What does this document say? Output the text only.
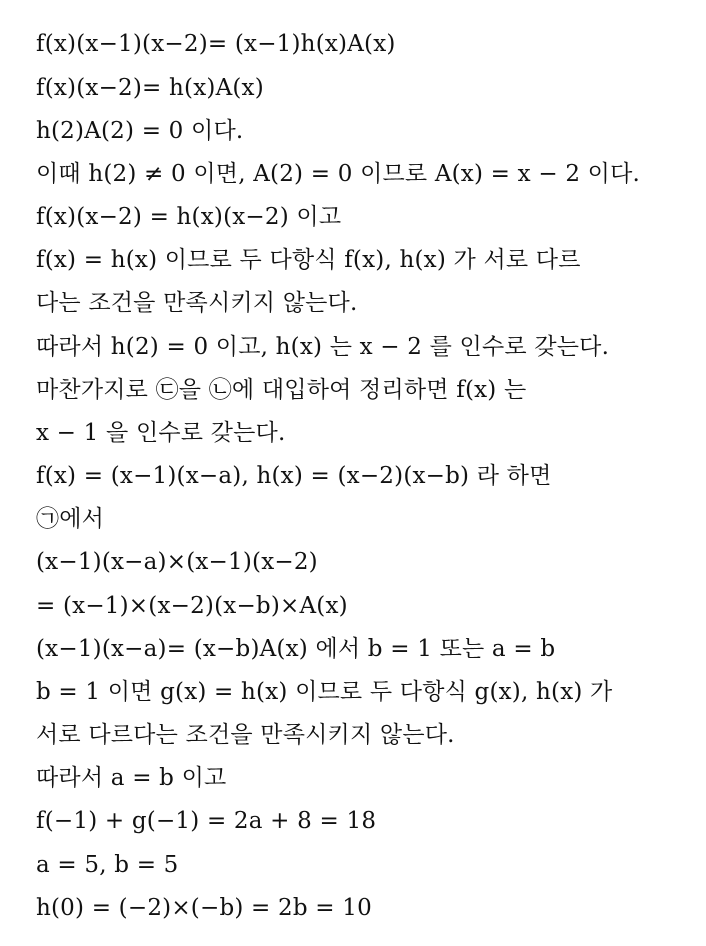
f(x)(x−1)(x−2)= (x−1)h(x)A(x)
f(x)(x−2)= h(x)A(x)
h(2)A(2) = 0 이다.
이때 h(2) ≠ 0 이면, A(2) = 0 이므로 A(x) = x − 2 이다.
f(x)(x−2) = h(x)(x−2) 이고
f(x) = h(x) 이므로 두 다항식 f(x), h(x) 가 서로 다르
다는 조건을 만족시키지 않는다.
따라서 h(2) = 0 이고, h(x) 는 x − 2 를 인수로 갖는다.
마찬가지로 ㉢을 ㉡에 대입하여 정리하면 f(x) 는
x − 1 을 인수로 갖는다.
f(x) = (x−1)(x−a), h(x) = (x−2)(x−b) 라 하면
㉠에서
(x−1)(x−a)×(x−1)(x−2)
= (x−1)×(x−2)(x−b)×A(x)
(x−1)(x−a)= (x−b)A(x) 에서 b = 1 또는 a = b
b = 1 이면 g(x) = h(x) 이므로 두 다항식 g(x), h(x) 가
서로 다르다는 조건을 만족시키지 않는다.
따라서 a = b 이고
f(−1) + g(−1) = 2a + 8 = 18
a = 5, b = 5
h(0) = (−2)×(−b) = 2b = 10
